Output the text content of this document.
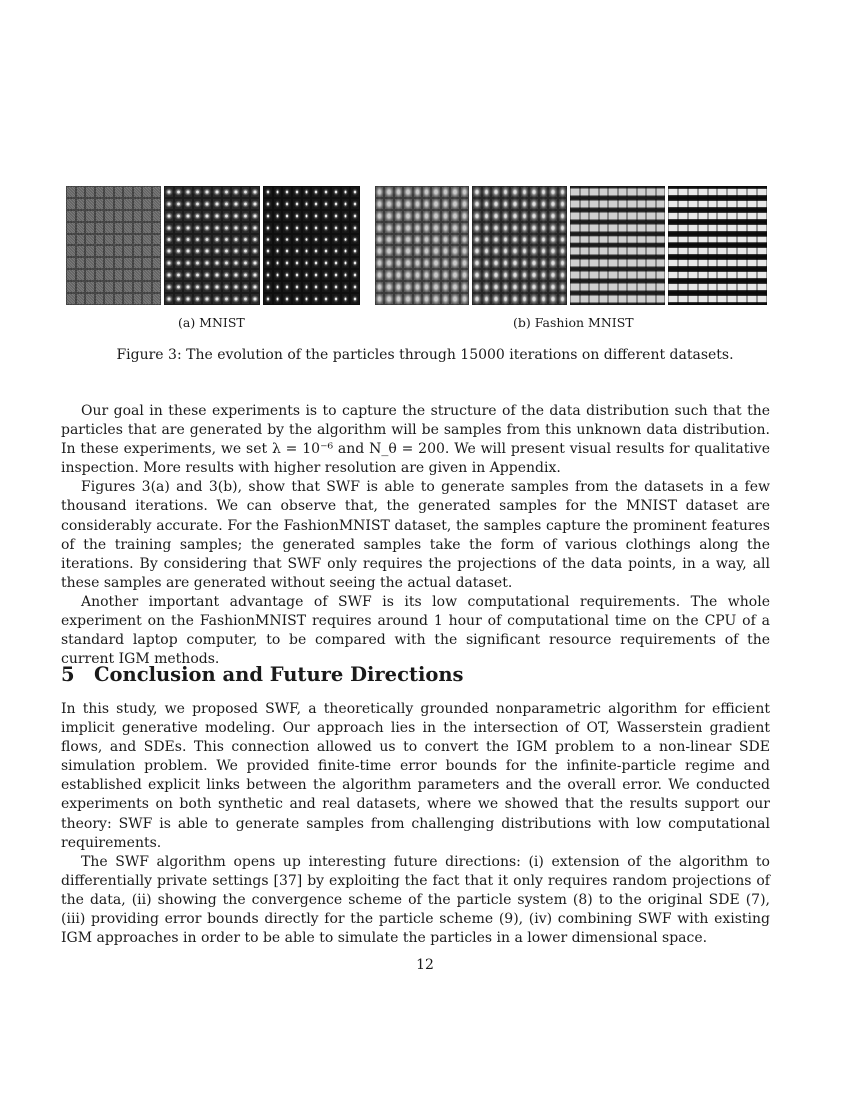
(a) MNIST	(b) Fashion MNIST
Figure 3: The evolution of the particles through 15000 iterations on different datasets.

Our goal in these experiments is to capture the structure of the data distribution such that the particles that are generated by the algorithm will be samples from this unknown data distribution. In these experiments, we set λ = 10⁻⁶ and N_θ = 200. We will present visual results for qualitative inspection. More results with higher resolution are given in Appendix.

Figures 3(a) and 3(b), show that SWF is able to generate samples from the datasets in a few thousand iterations. We can observe that, the generated samples for the MNIST dataset are considerably accurate. For the FashionMNIST dataset, the samples capture the prominent features of the training samples; the generated samples take the form of various clothings along the iterations. By considering that SWF only requires the projections of the data points, in a way, all these samples are generated without seeing the actual dataset.

Another important advantage of SWF is its low computational requirements. The whole experiment on the FashionMNIST requires around 1 hour of computational time on the CPU of a standard laptop computer, to be compared with the significant resource requirements of the current IGM methods.

5 Conclusion and Future Directions

In this study, we proposed SWF, a theoretically grounded nonparametric algorithm for efficient implicit generative modeling. Our approach lies in the intersection of OT, Wasserstein gradient flows, and SDEs. This connection allowed us to convert the IGM problem to a non-linear SDE simulation problem. We provided finite-time error bounds for the infinite-particle regime and established explicit links between the algorithm parameters and the overall error. We conducted experiments on both synthetic and real datasets, where we showed that the results support our theory: SWF is able to generate samples from challenging distributions with low computational requirements.

The SWF algorithm opens up interesting future directions: (i) extension of the algorithm to differentially private settings [37] by exploiting the fact that it only requires random projections of the data, (ii) showing the convergence scheme of the particle system (8) to the original SDE (7), (iii) providing error bounds directly for the particle scheme (9), (iv) combining SWF with existing IGM approaches in order to be able to simulate the particles in a lower dimensional space.

12
